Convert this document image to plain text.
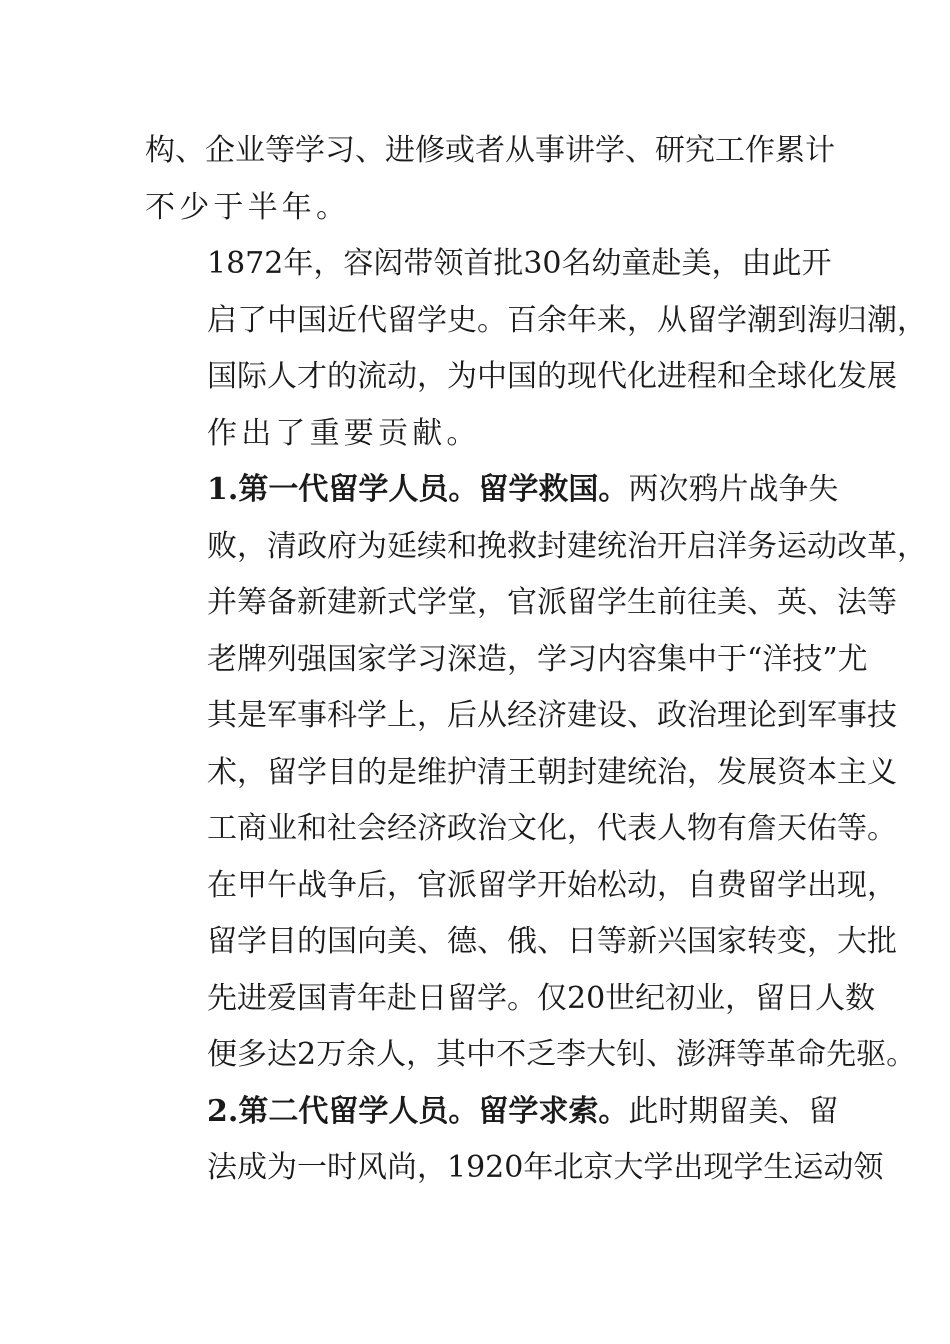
构、企业等学习、进修或者从事讲学、研究工作累计
不少于半年。

1872年，容闳带领首批30名幼童赴美，由此开
启了中国近代留学史。百余年来，从留学潮到海归潮，
国际人才的流动，为中国的现代化进程和全球化发展
作出了重要贡献。

1.第一代留学人员。留学救国。两次鸦片战争失
败，清政府为延续和挽救封建统治开启洋务运动改革，
并筹备新建新式学堂，官派留学生前往美、英、法等
老牌列强国家学习深造，学习内容集中于“洋技”尤
其是军事科学上，后从经济建设、政治理论到军事技
术，留学目的是维护清王朝封建统治，发展资本主义
工商业和社会经济政治文化，代表人物有詹天佑等。
在甲午战争后，官派留学开始松动，自费留学出现，
留学目的国向美、德、俄、日等新兴国家转变，大批
先进爱国青年赴日留学。仅20世纪初业，留日人数
便多达2万余人，其中不乏李大钊、澎湃等革命先驱。

2.第二代留学人员。留学求索。此时期留美、留
法成为一时风尚，1920年北京大学出现学生运动领
